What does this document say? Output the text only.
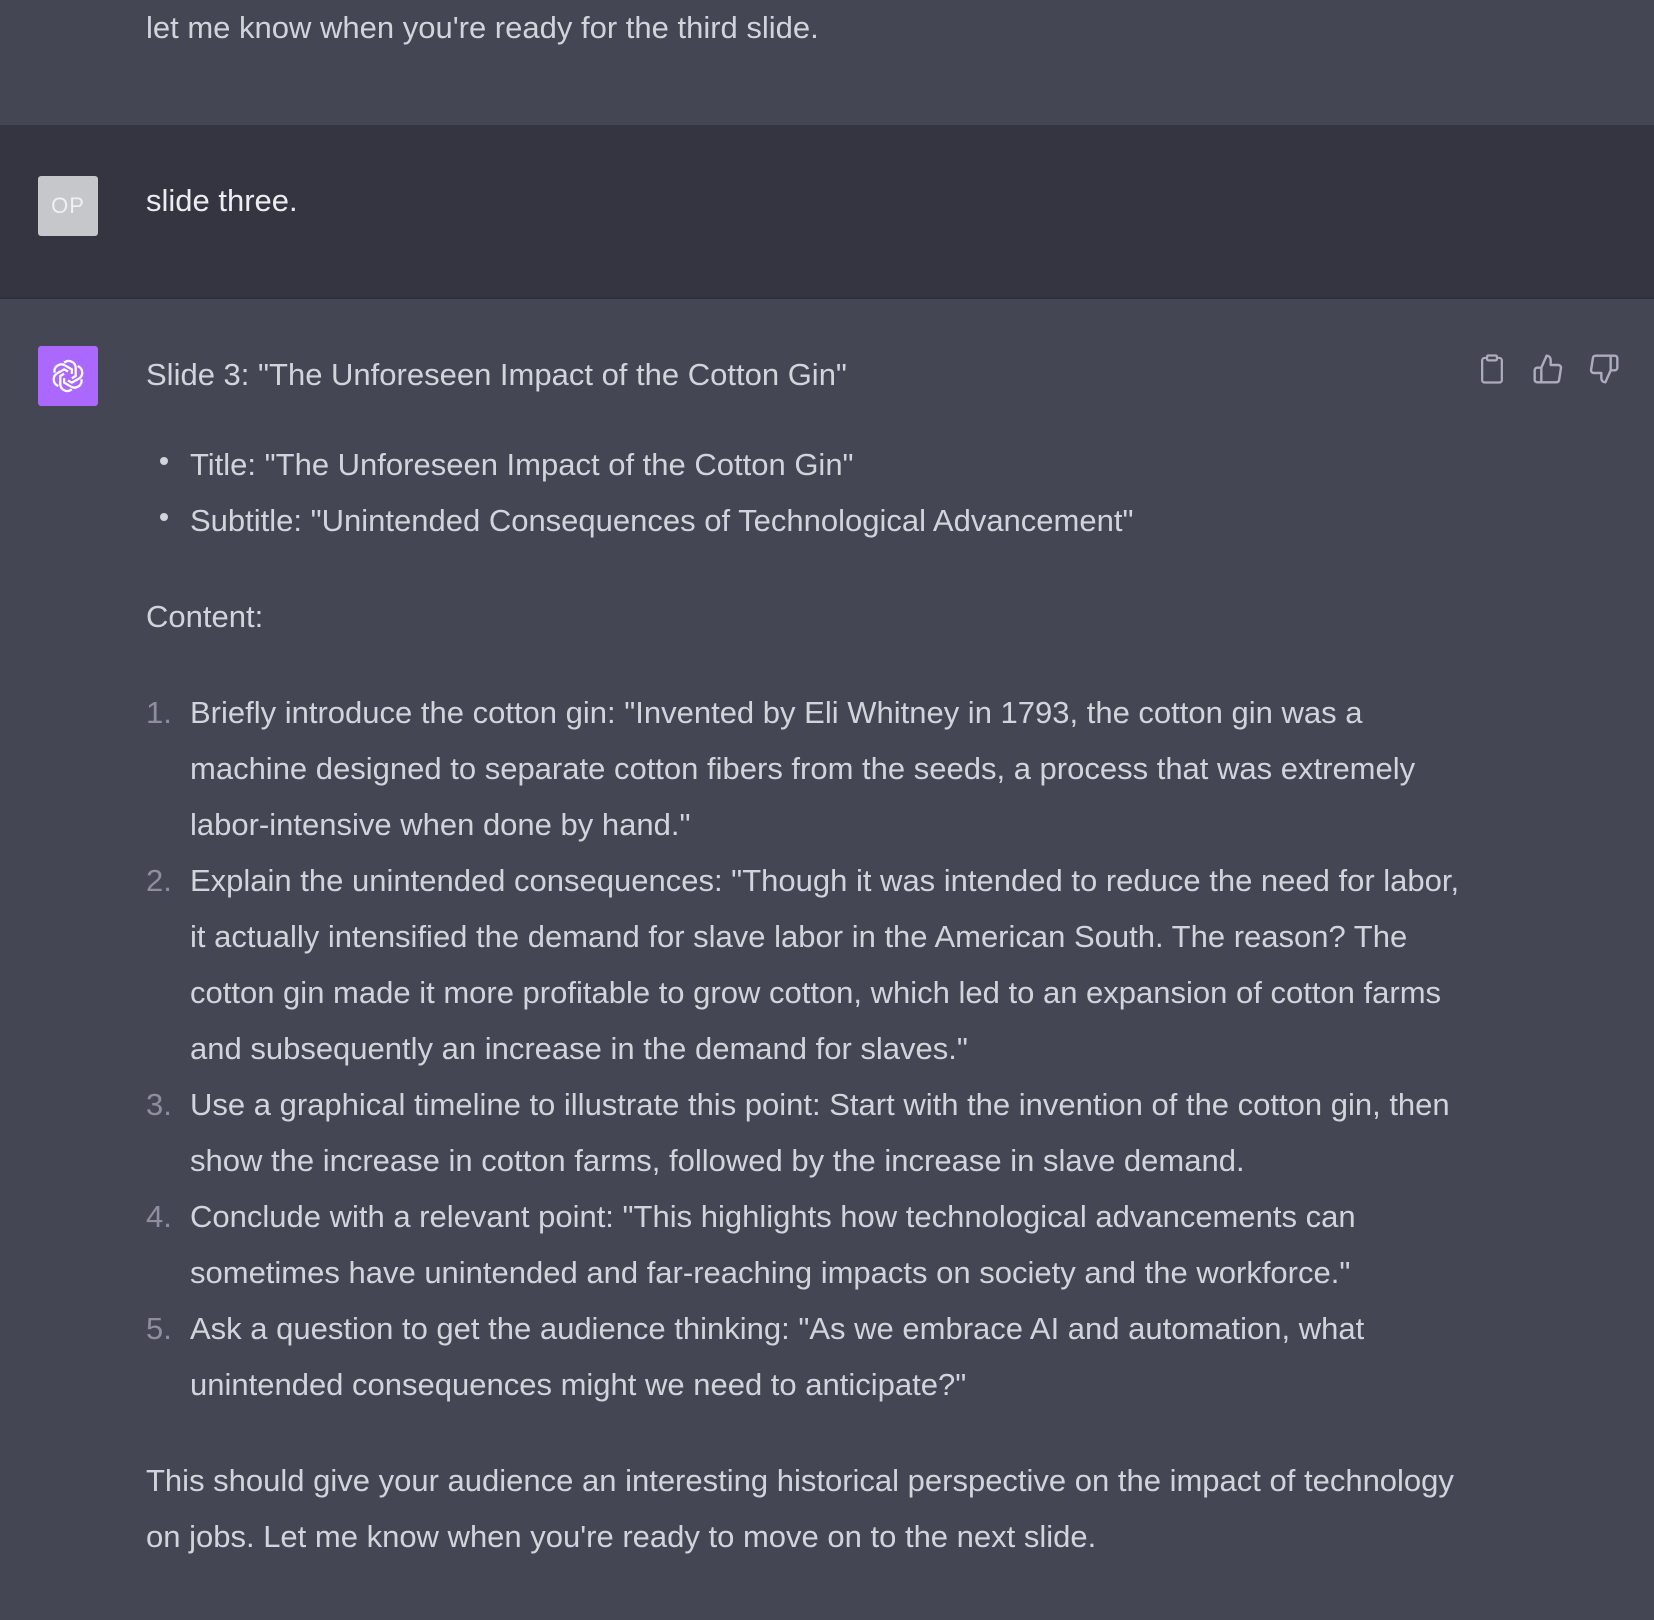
let me know when you're ready for the third slide.
OP	slide three.

Slide 3: "The Unforeseen Impact of the Cotton Gin"

Title: "The Unforeseen Impact of the Cotton Gin"
Subtitle: "Unintended Consequences of Technological Advancement"

Content:

1. Briefly introduce the cotton gin: "Invented by Eli Whitney in 1793, the cotton gin was a machine designed to separate cotton fibers from the seeds, a process that was extremely labor-intensive when done by hand."
2. Explain the unintended consequences: "Though it was intended to reduce the need for labor, it actually intensified the demand for slave labor in the American South. The reason? The cotton gin made it more profitable to grow cotton, which led to an expansion of cotton farms and subsequently an increase in the demand for slaves."
3. Use a graphical timeline to illustrate this point: Start with the invention of the cotton gin, then show the increase in cotton farms, followed by the increase in slave demand.
4. Conclude with a relevant point: "This highlights how technological advancements can sometimes have unintended and far-reaching impacts on society and the workforce."
5. Ask a question to get the audience thinking: "As we embrace AI and automation, what unintended consequences might we need to anticipate?"

This should give your audience an interesting historical perspective on the impact of technology on jobs. Let me know when you're ready to move on to the next slide.
